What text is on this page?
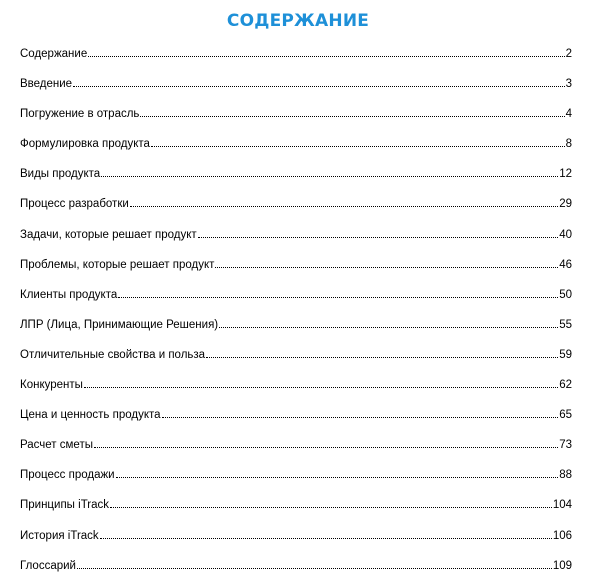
СОДЕРЖАНИЕ
Содержание	2
Введение	3
Погружение в отрасль	4
Формулировка продукта	8
Виды продукта	12
Процесс разработки	29
Задачи, которые решает продукт	40
Проблемы, которые решает продукт	46
Клиенты продукта	50
ЛПР (Лица, Принимающие Решения)	55
Отличительные свойства и польза	59
Конкуренты	62
Цена и ценность продукта	65
Расчет сметы	73
Процесс продажи	88
Принципы iTrack	104
История iTrack	106
Глоссарий	109
